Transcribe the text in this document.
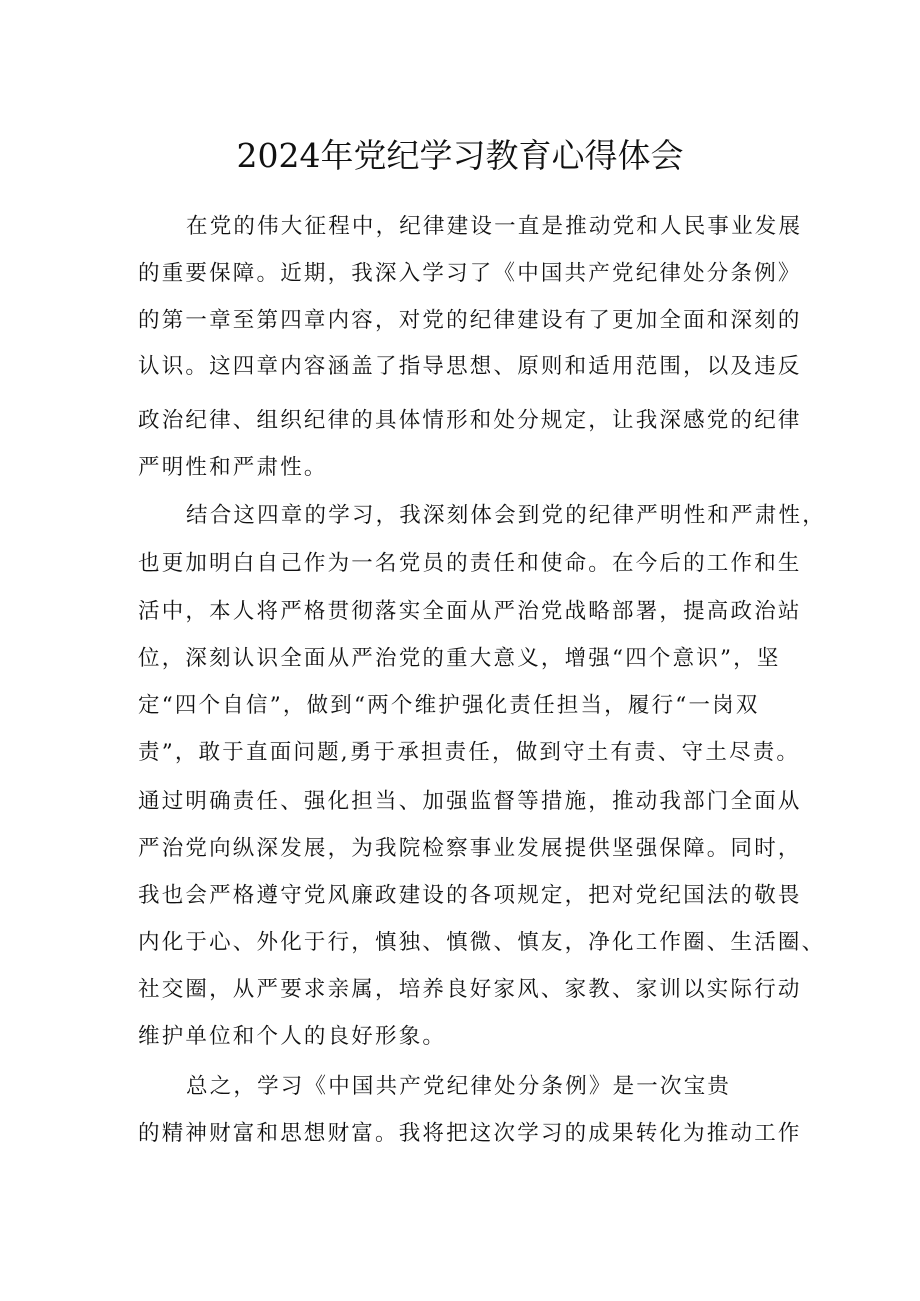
2024年党纪学习教育心得体会
在党的伟大征程中，纪律建设一直是推动党和人民事业发展
的重要保障。近期，我深入学习了《中国共产党纪律处分条例》
的第一章至第四章内容，对党的纪律建设有了更加全面和深刻的
认识。这四章内容涵盖了指导思想、原则和适用范围，以及违反
政治纪律、组织纪律的具体情形和处分规定，让我深感党的纪律
严明性和严肃性。
结合这四章的学习，我深刻体会到党的纪律严明性和严肃性，
也更加明白自己作为一名党员的责任和使命。在今后的工作和生
活中，本人将严格贯彻落实全面从严治党战略部署，提高政治站
位，深刻认识全面从严治党的重大意义，增强“四个意识”，坚
定“四个自信”，做到“两个维护强化责任担当，履行“一岗双
责”，敢于直面问题,勇于承担责任，做到守土有责、守土尽责。
通过明确责任、强化担当、加强监督等措施，推动我部门全面从
严治党向纵深发展，为我院检察事业发展提供坚强保障。同时，
我也会严格遵守党风廉政建设的各项规定，把对党纪国法的敬畏
内化于心、外化于行，慎独、慎微、慎友，净化工作圈、生活圈、
社交圈，从严要求亲属，培养良好家风、家教、家训以实际行动
维护单位和个人的良好形象。
总之，学习《中国共产党纪律处分条例》是一次宝贵
的精神财富和思想财富。我将把这次学习的成果转化为推动工作
